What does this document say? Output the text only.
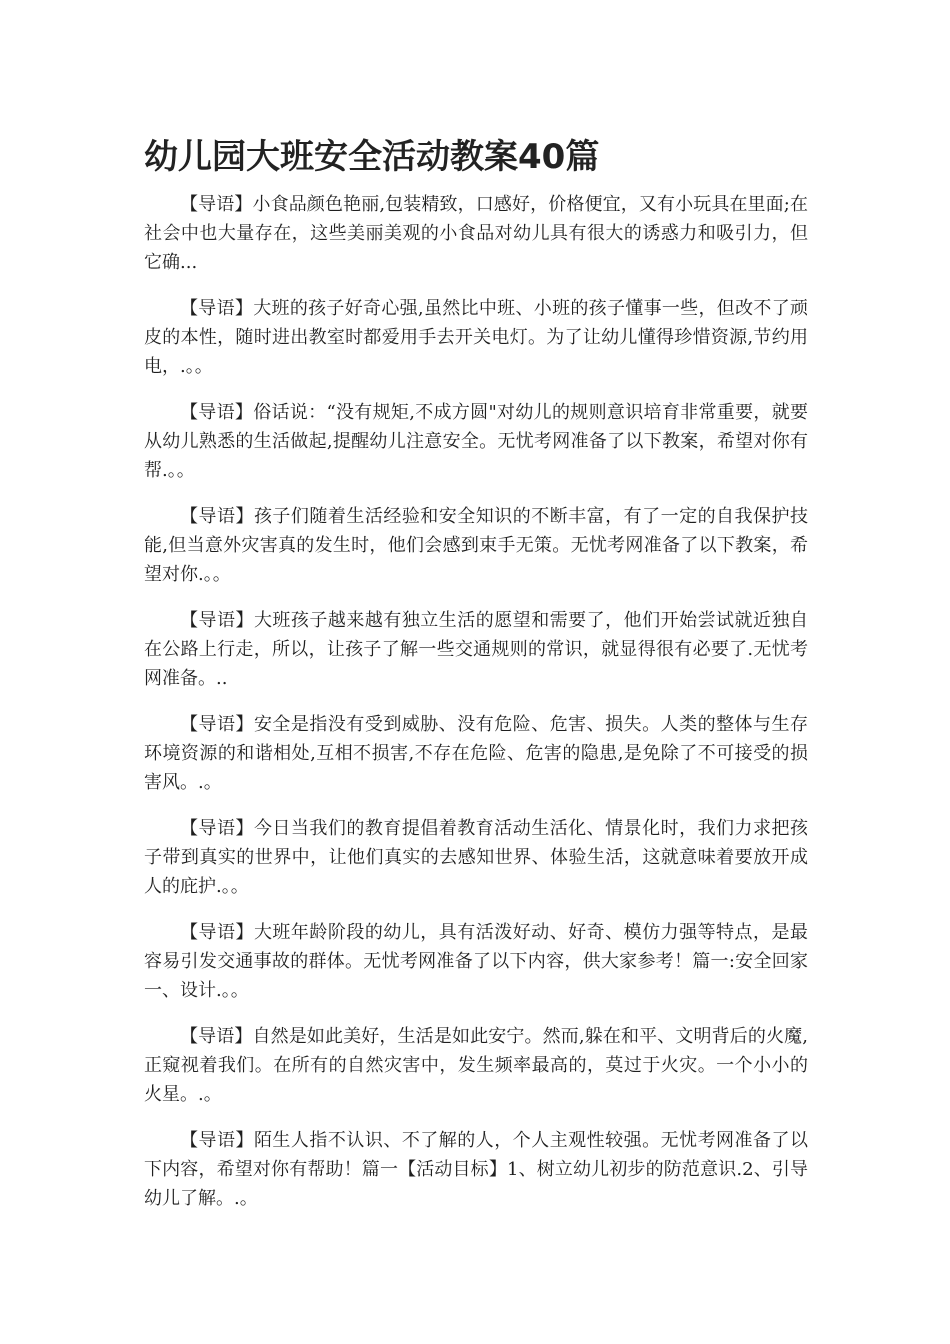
幼儿园大班安全活动教案40篇

【导语】小食品颜色艳丽,包装精致，口感好，价格便宜，又有小玩具在里面;在社会中也大量存在，这些美丽美观的小食品对幼儿具有很大的诱惑力和吸引力，但它确...

【导语】大班的孩子好奇心强,虽然比中班、小班的孩子懂事一些，但改不了顽皮的本性，随时进出教室时都爱用手去开关电灯。为了让幼儿懂得珍惜资源,节约用电，.。。

【导语】俗话说：“没有规矩,不成方圆"对幼儿的规则意识培育非常重要，就要从幼儿熟悉的生活做起,提醒幼儿注意安全。无忧考网准备了以下教案，希望对你有帮.。。

【导语】孩子们随着生活经验和安全知识的不断丰富，有了一定的自我保护技能,但当意外灾害真的发生时，他们会感到束手无策。无忧考网准备了以下教案，希望对你.。。

【导语】大班孩子越来越有独立生活的愿望和需要了，他们开始尝试就近独自在公路上行走，所以，让孩子了解一些交通规则的常识，就显得很有必要了.无忧考网准备。..

【导语】安全是指没有受到威胁、没有危险、危害、损失。人类的整体与生存环境资源的和谐相处,互相不损害,不存在危险、危害的隐患,是免除了不可接受的损害风。.。

【导语】今日当我们的教育提倡着教育活动生活化、情景化时，我们力求把孩子带到真实的世界中，让他们真实的去感知世界、体验生活，这就意味着要放开成人的庇护.。。

【导语】大班年龄阶段的幼儿，具有活泼好动、好奇、模仿力强等特点，是最容易引发交通事故的群体。无忧考网准备了以下内容，供大家参考！篇一:安全回家一、设计.。。

【导语】自然是如此美好，生活是如此安宁。然而,躲在和平、文明背后的火魔,正窥视着我们。在所有的自然灾害中，发生频率最高的，莫过于火灾。一个小小的火星。.。

【导语】陌生人指不认识、不了解的人，个人主观性较强。无忧考网准备了以下内容，希望对你有帮助！篇一【活动目标】1、树立幼儿初步的防范意识.2、引导幼儿了解。.。
